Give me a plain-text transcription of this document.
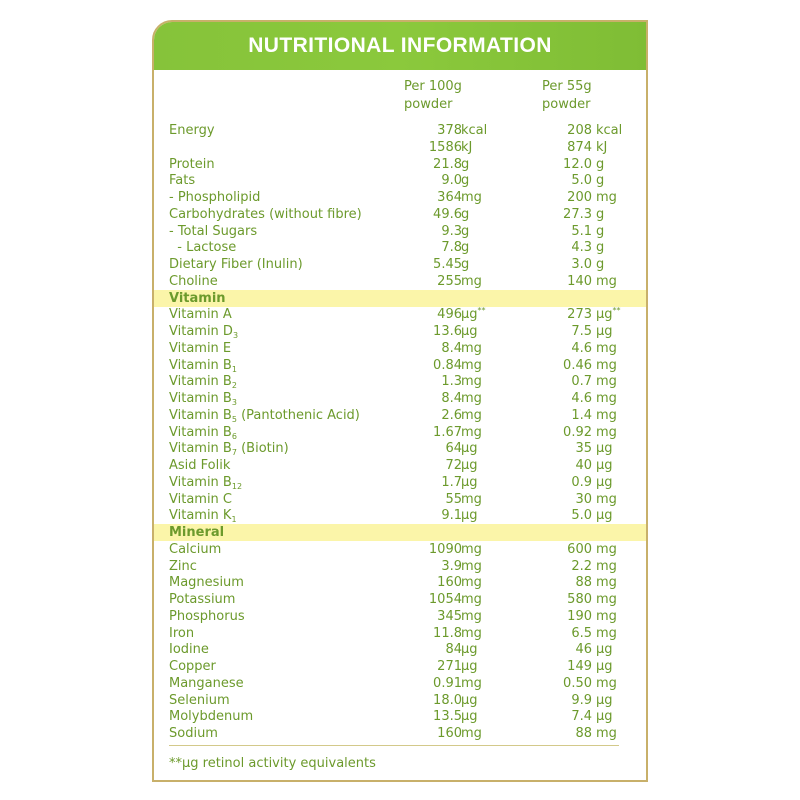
NUTRITIONAL INFORMATION
Per 100g
powder
Per 55g
powder
Energy	378 kcal	208 kcal
1586 kJ	874 kJ
Protein	21.8 g	12.0 g
Fats	9.0 g	5.0 g
- Phospholipid	364 mg	200 mg
Carbohydrates (without fibre)	49.6 g	27.3 g
- Total Sugars	9.3 g	5.1 g
- Lactose	7.8 g	4.3 g
Dietary Fiber (Inulin)	5.45 g	3.0 g
Choline	255 mg	140 mg
Vitamin
Vitamin A	496 μg**	273 μg**
Vitamin $D_3$	13.6 μg	7.5 μg
Vitamin E	8.4 mg	4.6 mg
Vitamin $B_1$	0.84 mg	0.46 mg
Vitamin $B_2$	1.3 mg	0.7 mg
Vitamin $B_3$	8.4 mg	4.6 mg
Vitamin $B_5$ (Pantothenic Acid)	2.6 mg	1.4 mg
Vitamin $B_6$	1.67 mg	0.92 mg
Vitamin $B_7$ (Biotin)	64 μg	35 μg
Asid Folik	72 μg	40 μg
Vitamin $B_{12}$	1.7 μg	0.9 μg
Vitamin C	55 mg	30 mg
Vitamin $K_1$	9.1 μg	5.0 μg
Mineral
Calcium	1090 mg	600 mg
Zinc	3.9 mg	2.2 mg
Magnesium	160 mg	88 mg
Potassium	1054 mg	580 mg
Phosphorus	345 mg	190 mg
Iron	11.8 mg	6.5 mg
Iodine	84 μg	46 μg
Copper	271 μg	149 μg
Manganese	0.91 mg	0.50 mg
Selenium	18.0 μg	9.9 μg
Molybdenum	13.5 μg	7.4 μg
Sodium	160 mg	88 mg
**μg retinol activity equivalents
